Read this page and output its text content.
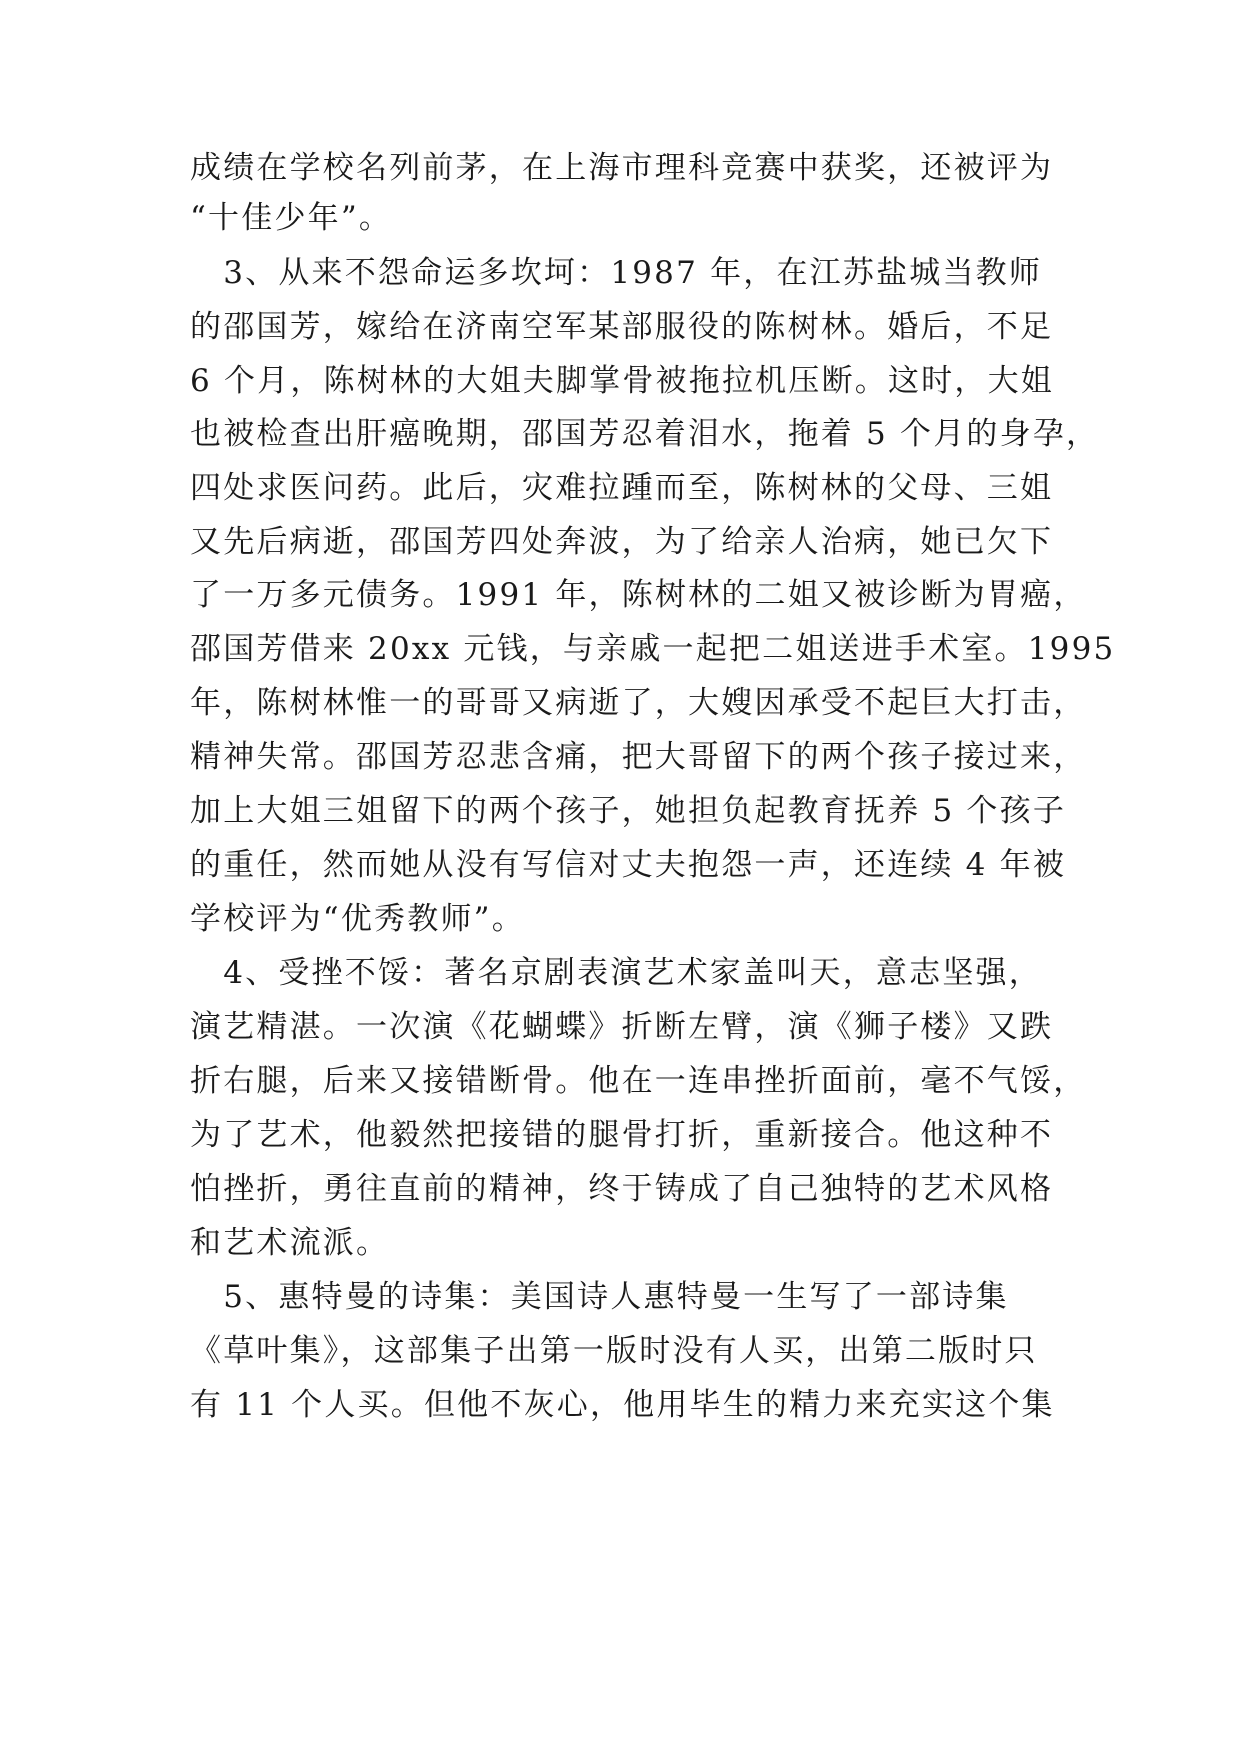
成绩在学校名列前茅，在上海市理科竞赛中获奖，还被评为
“十佳少年”。
　3、从来不怨命运多坎坷：1987 年，在江苏盐城当教师
的邵国芳，嫁给在济南空军某部服役的陈树林。婚后，不足
6 个月，陈树林的大姐夫脚掌骨被拖拉机压断。这时，大姐
也被检查出肝癌晚期，邵国芳忍着泪水，拖着 5 个月的身孕，
四处求医问药。此后，灾难拉踵而至，陈树林的父母、三姐
又先后病逝，邵国芳四处奔波，为了给亲人治病，她已欠下
了一万多元债务。1991 年，陈树林的二姐又被诊断为胃癌，
邵国芳借来 20xx 元钱，与亲戚一起把二姐送进手术室。1995
年，陈树林惟一的哥哥又病逝了，大嫂因承受不起巨大打击，
精神失常。邵国芳忍悲含痛，把大哥留下的两个孩子接过来，
加上大姐三姐留下的两个孩子，她担负起教育抚养 5 个孩子
的重任，然而她从没有写信对丈夫抱怨一声，还连续 4 年被
学校评为“优秀教师”。
　4、受挫不馁：著名京剧表演艺术家盖叫天，意志坚强，
演艺精湛。一次演《花蝴蝶》折断左臂，演《狮子楼》又跌
折右腿，后来又接错断骨。他在一连串挫折面前，毫不气馁，
为了艺术，他毅然把接错的腿骨打折，重新接合。他这种不
怕挫折，勇往直前的精神，终于铸成了自己独特的艺术风格
和艺术流派。
　5、惠特曼的诗集：美国诗人惠特曼一生写了一部诗集
《草叶集》，这部集子出第一版时没有人买，出第二版时只
有 11 个人买。但他不灰心，他用毕生的精力来充实这个集
